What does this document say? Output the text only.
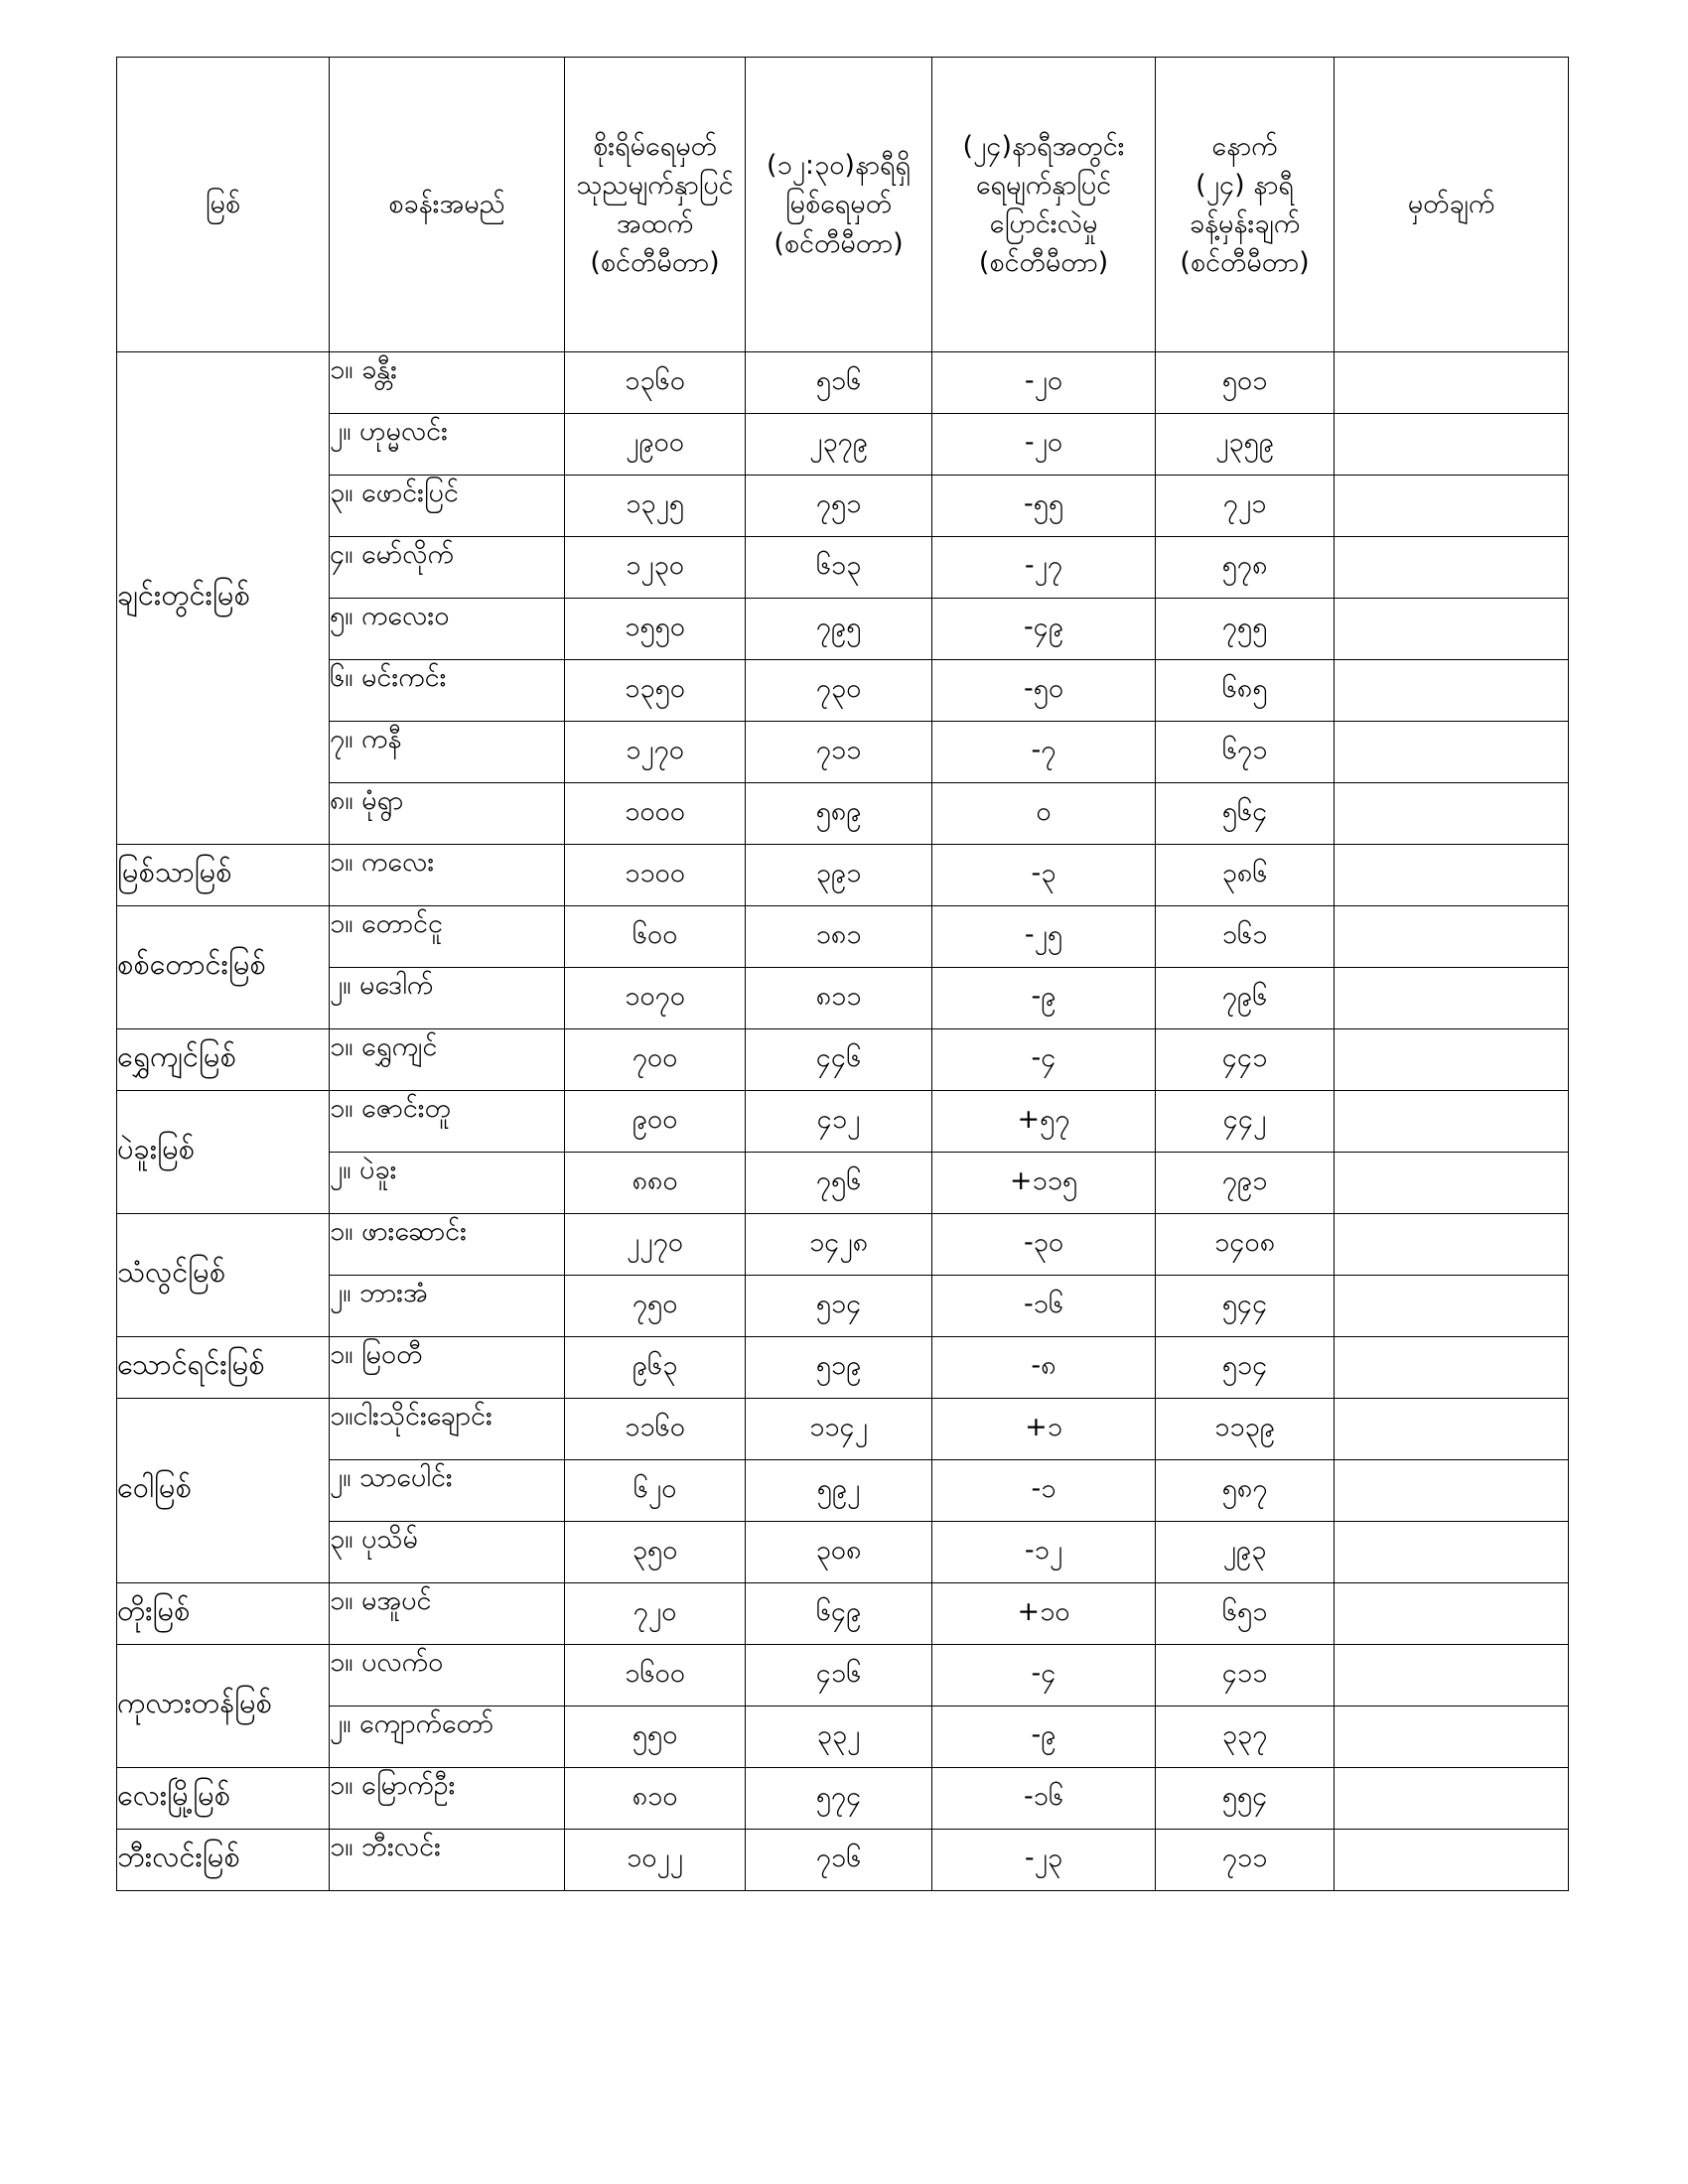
မြစ်	စခန်းအမည်	စိုးရိမ်ရေမှတ်
သုညမျက်နှာပြင်
အထက်
(စင်တီမီတာ)	(၁၂:၃၀)နာရီရှိ
မြစ်ရေမှတ်
(စင်တီမီတာ)	(၂၄)နာရီအတွင်း
ရေမျက်နှာပြင်
ပြောင်းလဲမှု
(စင်တီမီတာ)	နောက်
(၂၄) နာရီ
ခန့်မှန်းချက်
(စင်တီမီတာ)	မှတ်ချက်

ချင်းတွင်းမြစ်	၁။ ခန္တီး	၁၃၆၀	၅၁၆	-၂၀	၅၀၁	
	၂။ ဟုမ္မလင်း	၂၉၀၀	၂၃၇၉	-၂၀	၂၃၅၉	
	၃။ ဖောင်းပြင်	၁၃၂၅	၇၅၁	-၅၅	၇၂၁	
	၄။ မော်လိုက်	၁၂၃၀	၆၁၃	-၂၇	၅၇၈	
	၅။ ကလေးဝ	၁၅၅၀	၇၉၅	-၄၉	၇၅၅	
	၆။ မင်းကင်း	၁၃၅၀	၇၃၀	-၅၀	၆၈၅	
	၇။ ကနီ	၁၂၇၀	၇၁၁	-၇	၆၇၁	
	၈။ မုံရွာ	၁၀၀၀	၅၈၉	၀	၅၆၄	
မြစ်သာမြစ်	၁။ ကလေး	၁၁၀၀	၃၉၁	-၃	၃၈၆	
စစ်တောင်းမြစ်	၁။ တောင်ငူ	၆၀၀	၁၈၁	-၂၅	၁၆၁	
	၂။ မဒေါက်	၁၀၇၀	၈၁၁	-၉	၇၉၆	
ရွှေကျင်မြစ်	၁။ ရွှေကျင်	၇၀၀	၄၄၆	-၄	၄၄၁	
ပဲခူးမြစ်	၁။ ဇောင်းတူ	၉၀၀	၄၁၂	+၅၇	၄၄၂	
	၂။ ပဲခူး	၈၈၀	၇၅၆	+၁၁၅	၇၉၁	
သံလွင်မြစ်	၁။ ဖားဆောင်း	၂၂၇၀	၁၄၂၈	-၃၀	၁၄၀၈	
	၂။ ဘားအံ	၇၅၀	၅၁၄	-၁၆	၅၄၄	
သောင်ရင်းမြစ်	၁။ မြဝတီ	၉၆၃	၅၁၉	-၈	၅၁၄	
ဝေါမြစ်	၁။ငါးသိုင်းချောင်း	၁၁၆၀	၁၁၄၂	+၁	၁၁၃၉	
	၂။ သာပေါင်း	၆၂၀	၅၉၂	-၁	၅၈၇	
	၃။ ပုသိမ်	၃၅၀	၃၀၈	-၁၂	၂၉၃	
တိုးမြစ်	၁။ မအူပင်	၇၂၀	၆၄၉	+၁၀	၆၅၁	
ကုလားတန်မြစ်	၁။ ပလက်ဝ	၁၆၀၀	၄၁၆	-၄	၄၁၁	
	၂။ ကျောက်တော်	၅၅၀	၃၃၂	-၉	၃၃၇	
လေးမြို့မြစ်	၁။ မြောက်ဦး	၈၁၀	၅၇၄	-၁၆	၅၅၄	
ဘီးလင်းမြစ်	၁။ ဘီးလင်း	၁၀၂၂	၇၁၆	-၂၃	၇၁၁	
